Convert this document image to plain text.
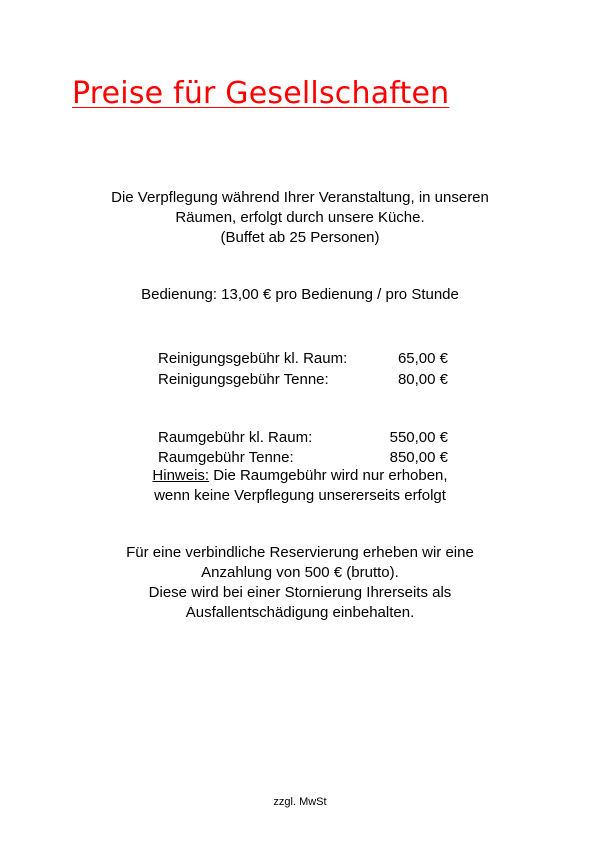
Preise für Gesellschaften
Die Verpflegung während Ihrer Veranstaltung, in unseren
Räumen, erfolgt durch unsere Küche.
(Buffet ab 25 Personen)
Bedienung: 13,00 € pro Bedienung / pro Stunde
Reinigungsgebühr kl. Raum:	65,00 €
Reinigungsgebühr Tenne:	80,00 €
Raumgebühr kl. Raum:	550,00 €
Raumgebühr Tenne:	850,00 €
Hinweis: Die Raumgebühr wird nur erhoben,
wenn keine Verpflegung unsererseits erfolgt
Für eine verbindliche Reservierung erheben wir eine
Anzahlung von 500 € (brutto).
Diese wird bei einer Stornierung Ihrerseits als
Ausfallentschädigung einbehalten.
zzgl. MwSt
